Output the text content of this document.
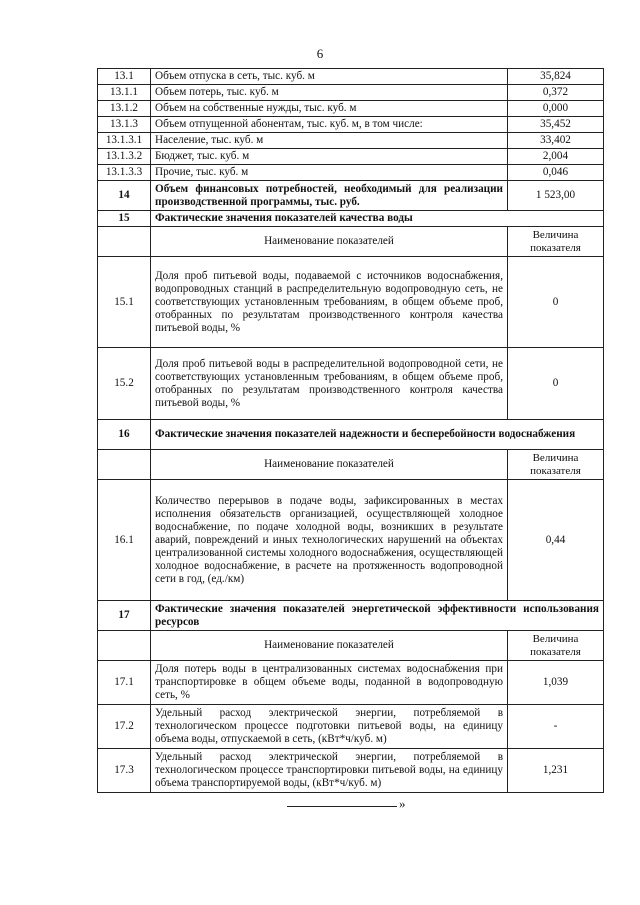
6
13.1	Объем отпуска в сеть, тыс. куб. м	35,824
13.1.1	Объем потерь, тыс. куб. м	0,372
13.1.2	Объем на собственные нужды, тыс. куб. м	0,000
13.1.3	Объем отпущенной абонентам, тыс. куб. м, в том числе:	35,452
13.1.3.1	Население, тыс. куб. м	33,402
13.1.3.2	Бюджет, тыс. куб. м	2,004
13.1.3.3	Прочие, тыс. куб. м	0,046
14	Объем финансовых потребностей, необходимый для реализации производственной программы, тыс. руб.	1 523,00
15	Фактические значения показателей качества воды	
	Наименование показателей	Величина показателя
15.1	Доля проб питьевой воды, подаваемой с источников водоснабжения, водопроводных станций в распределительную водопроводную сеть, не соответствующих установленным требованиям, в общем объеме проб, отобранных по результатам производственного контроля качества питьевой воды, %	0
15.2	Доля проб питьевой воды в распределительной водопроводной сети, не соответствующих установленным требованиям, в общем объеме проб, отобранных по результатам производственного контроля качества питьевой воды, %	0
16	Фактические значения показателей надежности и бесперебойности водоснабжения	
	Наименование показателей	Величина показателя
16.1	Количество перерывов в подаче воды, зафиксированных в местах исполнения обязательств организацией, осуществляющей холодное водоснабжение, по подаче холодной воды, возникших в результате аварий, повреждений и иных технологических нарушений на объектах централизованной системы холодного водоснабжения, осуществляющей холодное водоснабжение, в расчете на протяженность водопроводной сети в год, (ед./км)	0,44
17	Фактические значения показателей энергетической эффективности использования ресурсов	
	Наименование показателей	Величина показателя
17.1	Доля потерь воды в централизованных системах водоснабжения при транспортировке в общем объеме воды, поданной в водопроводную сеть, %	1,039
17.2	Удельный расход электрической энергии, потребляемой в технологическом процессе подготовки питьевой воды, на единицу объема воды, отпускаемой в сеть, (кВт*ч/куб. м)	-
17.3	Удельный расход электрической энергии, потребляемой в технологическом процессе транспортировки питьевой воды, на единицу объема транспортируемой воды, (кВт*ч/куб. м)	1,231
»
